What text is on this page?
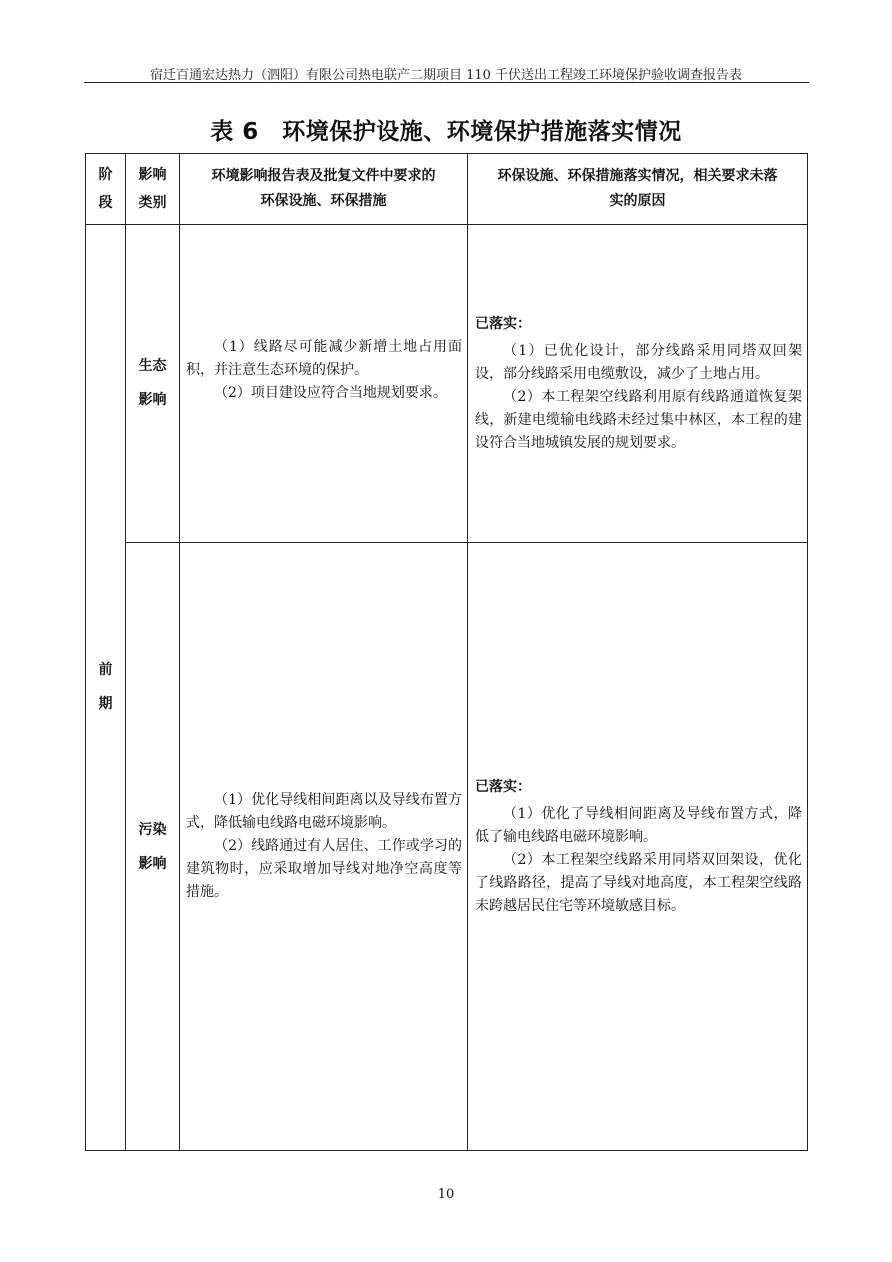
宿迁百通宏达热力（泗阳）有限公司热电联产二期项目 110 千伏送出工程竣工环境保护验收调查报告表
表 6　环境保护设施、环境保护措施落实情况
阶
段
影响
类别
环境影响报告表及批复文件中要求的
环保设施、环保措施
环保设施、环保措施落实情况，相关要求未落
实的原因
前
期
生态
影响

（1）线路尽可能减少新增土地占用面积，并注意生态环境的保护。

（2）项目建设应符合当地规划要求。

已落实：

（1）已优化设计，部分线路采用同塔双回架设，部分线路采用电缆敷设，减少了土地占用。

（2）本工程架空线路利用原有线路通道恢复架线，新建电缆输电线路未经过集中林区，本工程的建设符合当地城镇发展的规划要求。

污染
影响

（1）优化导线相间距离以及导线布置方式，降低输电线路电磁环境影响。

（2）线路通过有人居住、工作或学习的建筑物时，应采取增加导线对地净空高度等措施。

已落实：

（1）优化了导线相间距离及导线布置方式，降低了输电线路电磁环境影响。

（2）本工程架空线路采用同塔双回架设，优化了线路路径，提高了导线对地高度，本工程架空线路未跨越居民住宅等环境敏感目标。

10
